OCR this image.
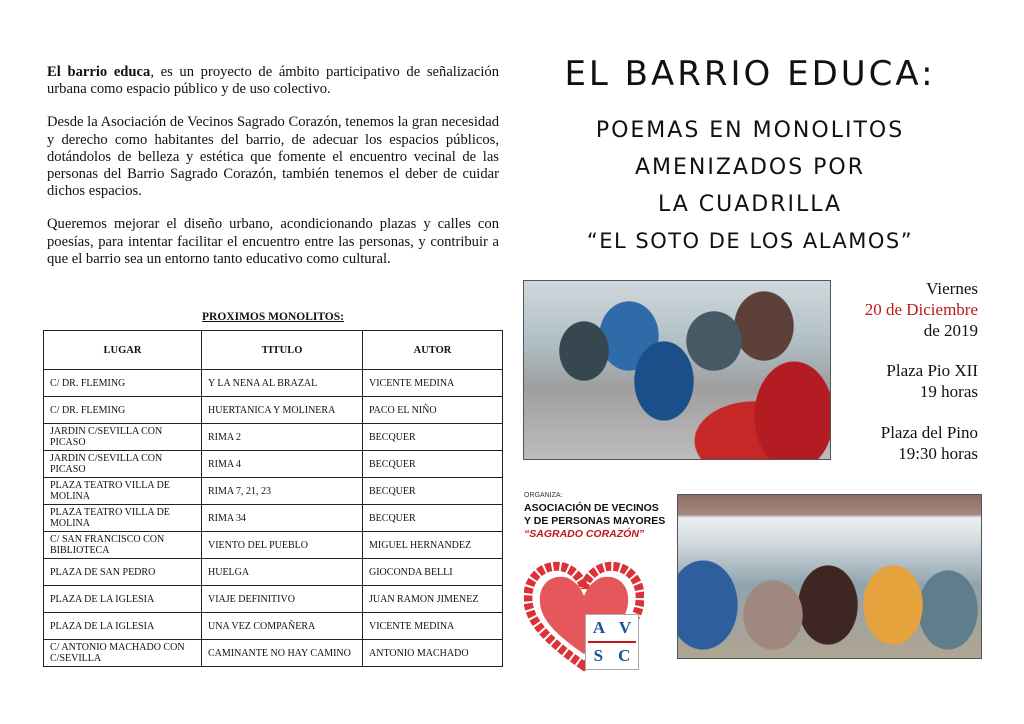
El barrio educa, es un proyecto de ámbito participativo de señalización urbana como espacio público y de uso colectivo.

Desde la Asociación de Vecinos Sagrado Corazón, tenemos la gran necesidad y derecho como habitantes del barrio, de adecuar los espacios públicos, dotándolos de belleza y estética que fomente el encuentro vecinal de las personas del Barrio Sagrado Corazón, también tenemos el deber de cuidar dichos espacios.

Queremos mejorar el diseño urbano, acondicionando plazas y calles con poesías, para intentar facilitar el encuentro entre las personas, y contribuir a que el barrio sea un entorno tanto educativo como cultural.

PROXIMOS MONOLITOS:
LUGAR	TITULO	AUTOR
C/ DR. FLEMING	Y LA NENA AL BRAZAL	VICENTE MEDINA
C/ DR. FLEMING	HUERTANICA Y MOLINERA	PACO EL NIÑO
JARDIN C/SEVILLA CON PICASO	RIMA 2	BECQUER
JARDIN C/SEVILLA CON PICASO	RIMA 4	BECQUER
PLAZA TEATRO VILLA DE MOLINA	RIMA 7, 21, 23	BECQUER
PLAZA TEATRO VILLA DE MOLINA	RIMA 34	BECQUER
C/ SAN FRANCISCO CON BIBLIOTECA	VIENTO DEL PUEBLO	MIGUEL HERNANDEZ
PLAZA DE SAN PEDRO	HUELGA	GIOCONDA BELLI
PLAZA DE LA IGLESIA	VIAJE DEFINITIVO	JUAN RAMON JIMENEZ
PLAZA DE LA IGLESIA	UNA VEZ COMPAÑERA	VICENTE MEDINA
C/ ANTONIO MACHADO CON C/SEVILLA	CAMINANTE NO HAY CAMINO	ANTONIO MACHADO
EL BARRIO EDUCA:
POEMAS EN MONOLITOS
AMENIZADOS POR
LA CUADRILLA
“EL SOTO DE LOS ALAMOS”
Viernes
20 de Diciembre
de 2019
Plaza Pio XII
19 horas
Plaza del Pino
19:30 horas
ORGANIZA:
ASOCIACIÓN DE VECINOS
Y DE PERSONAS MAYORES
“SAGRADO CORAZÓN”
A V
S C
